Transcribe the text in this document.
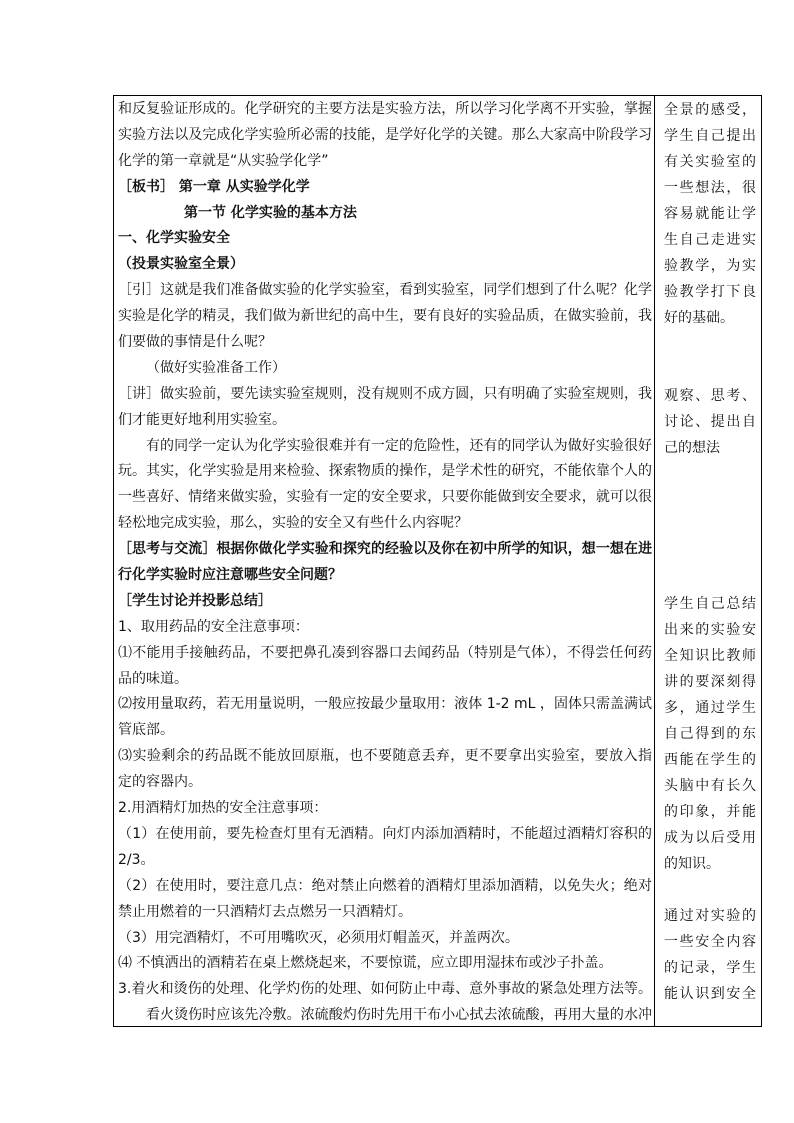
和反复验证形成的。化学研究的主要方法是实验方法，所以学习化学离不开实验，掌握
实验方法以及完成化学实验所必需的技能，是学好化学的关键。那么大家高中阶段学习
化学的第一章就是“从实验学化学”
［板书］ 第一章 从实验学化学
第一节 化学实验的基本方法
一、化学实验安全
（投景实验室全景）
［引］这就是我们准备做实验的化学实验室，看到实验室，同学们想到了什么呢？化学
实验是化学的精灵，我们做为新世纪的高中生，要有良好的实验品质，在做实验前，我
们要做的事情是什么呢？
（做好实验准备工作）
［讲］做实验前，要先读实验室规则，没有规则不成方圆，只有明确了实验室规则，我
们才能更好地利用实验室。
有的同学一定认为化学实验很难并有一定的危险性，还有的同学认为做好实验很好
玩。其实，化学实验是用来检验、探索物质的操作，是学术性的研究，不能依靠个人的
一些喜好、情绪来做实验，实验有一定的安全要求，只要你能做到安全要求，就可以很
轻松地完成实验，那么，实验的安全又有些什么内容呢？
［思考与交流］根据你做化学实验和探究的经验以及你在初中所学的知识，想一想在进
行化学实验时应注意哪些安全问题？
［学生讨论并投影总结］
1、取用药品的安全注意事项：
⑴不能用手接触药品，不要把鼻孔凑到容器口去闻药品（特别是气体），不得尝任何药
品的味道。
⑵按用量取药，若无用量说明，一般应按最少量取用：液体 1-2 mL ，固体只需盖满试
管底部。
⑶实验剩余的药品既不能放回原瓶，也不要随意丢弃，更不要拿出实验室，要放入指
定的容器内。
2.用酒精灯加热的安全注意事项：
（1）在使用前，要先检查灯里有无酒精。向灯内添加酒精时，不能超过酒精灯容积的
2/3。
（2）在使用时，要注意几点：绝对禁止向燃着的酒精灯里添加酒精，以免失火；绝对
禁止用燃着的一只酒精灯去点燃另一只酒精灯。
（3）用完酒精灯，不可用嘴吹灭，必须用灯帽盖灭，并盖两次。
⑷ 不慎洒出的酒精若在桌上燃烧起来，不要惊谎，应立即用湿抹布或沙子扑盖。
3.着火和烫伤的处理、化学灼伤的处理、如何防止中毒、意外事故的紧急处理方法等。
看火烫伤时应该先冷敷。浓硫酸灼伤时先用干布小心拭去浓硫酸，再用大量的水冲
全景的感受，
学生自己提出
有关实验室的
一些想法，很
容易就能让学
生自己走进实
验教学，为实
验教学打下良
好的基础。
观察、思考、
讨论、提出自
己的想法
学生自己总结
出来的实验安
全知识比教师
讲的要深刻得
多，通过学生
自己得到的东
西能在学生的
头脑中有长久
的印象，并能
成为以后受用
的知识。
通过对实验的
一些安全内容
的记录，学生
能认识到安全
